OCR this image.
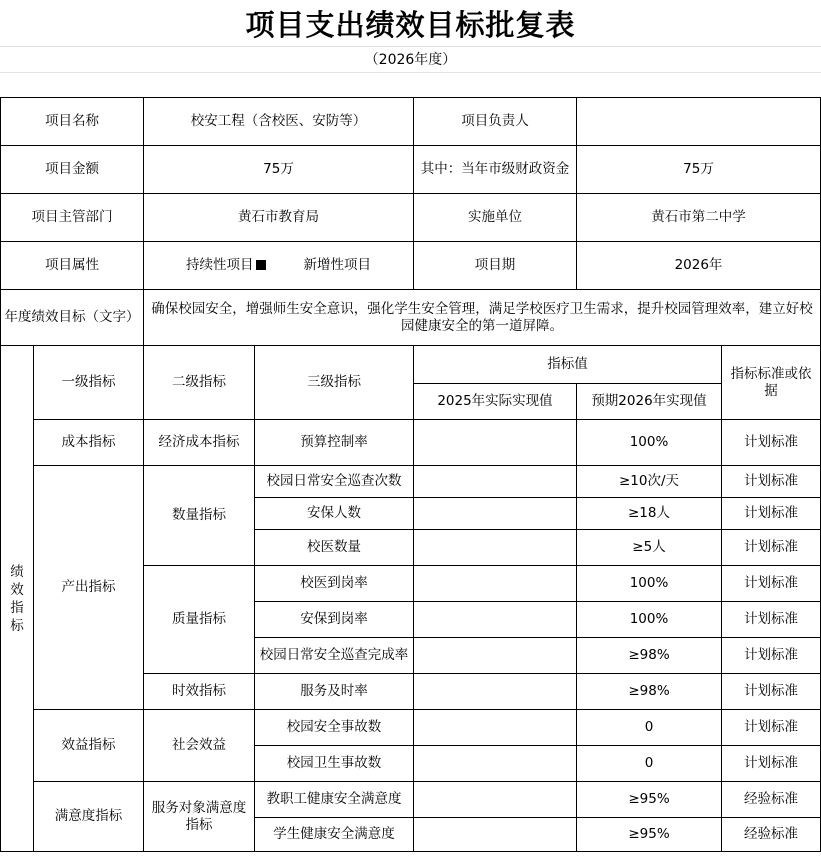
项目支出绩效目标批复表
（2026年度）
项目名称		校安工程（含校医、安防等）		项目负责人		
项目金额		75万		其中：当年市级财政资金	75万	
项目主管部门		黄石市教育局		实施单位	黄石市第二中学	
项目属性		持续性项目 新增性项目		项目期	2026年	
年度绩效目标（文字）		确保校园安全，增强师生安全意识，强化学生安全管理，满足学校医疗卫生需求，提升校园管理效率，建立好校园健康安全的第一道屏障。				
绩效指标	一级指标	二级指标	三级指标	指标值		指标标准或依据
				2025年实际实现值	预期2026年实现值	
	成本指标	经济成本指标	预算控制率		100%	计划标准
	产出指标	数量指标	校园日常安全巡查次数		≥10次/天	计划标准
			安保人数		≥18人	计划标准
			校医数量		≥5人	计划标准
		质量指标	校医到岗率		100%	计划标准
			安保到岗率		100%	计划标准
			校园日常安全巡查完成率		≥98%	计划标准
		时效指标	服务及时率		≥98%	计划标准
	效益指标	社会效益	校园安全事故数		0	计划标准
			校园卫生事故数		0	计划标准
	满意度指标	服务对象满意度指标	教职工健康安全满意度		≥95%	经验标准
			学生健康安全满意度		≥95%	经验标准
